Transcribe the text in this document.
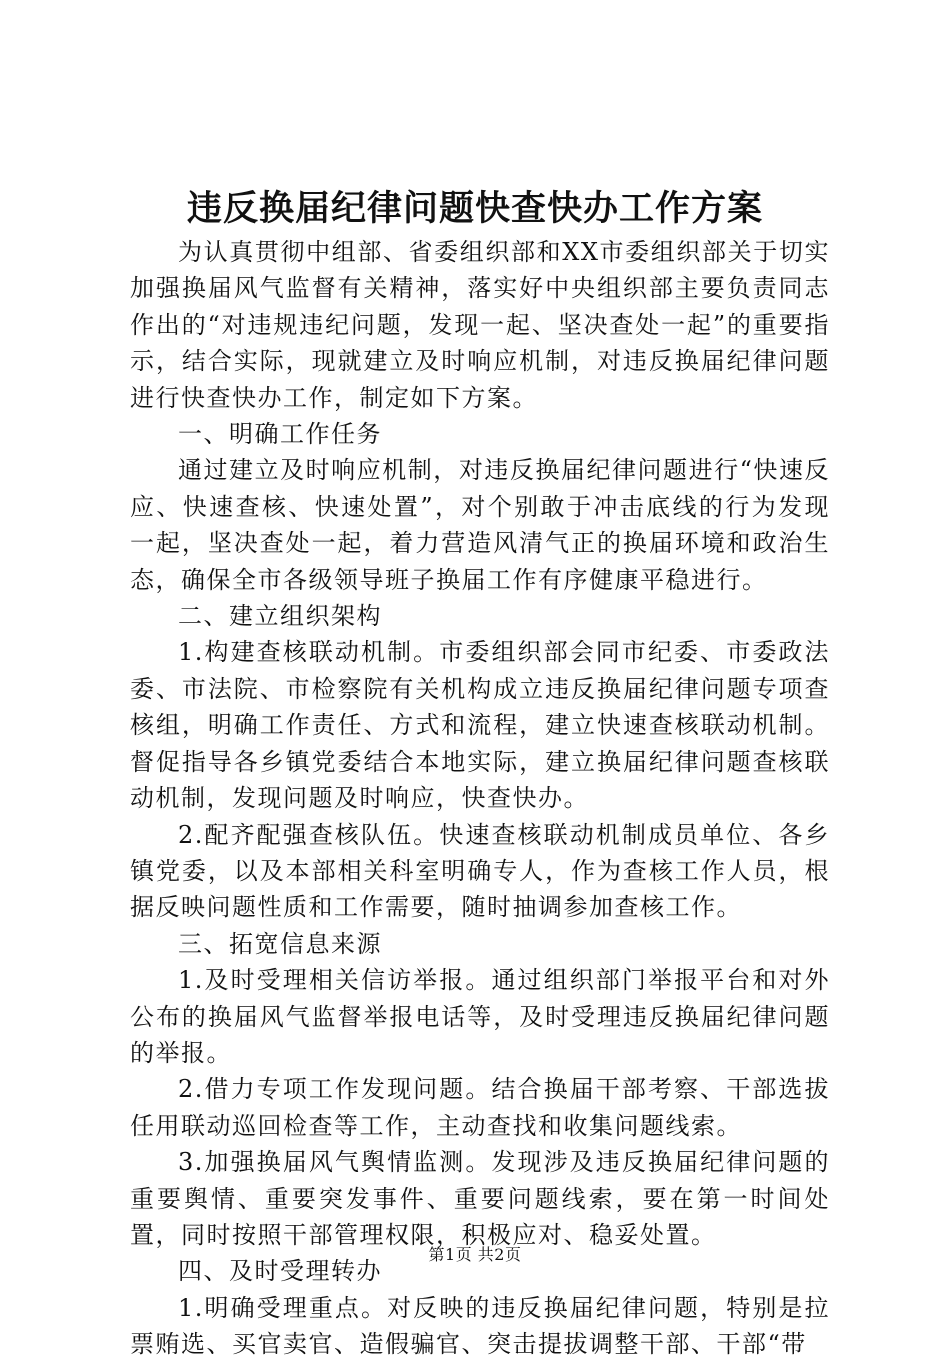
违反换届纪律问题快查快办工作方案

为认真贯彻中组部、省委组织部和XX市委组织部关于切实加强换届风气监督有关精神，落实好中央组织部主要负责同志作出的“对违规违纪问题，发现一起、坚决查处一起”的重要指示，结合实际，现就建立及时响应机制，对违反换届纪律问题进行快查快办工作，制定如下方案。

一、明确工作任务

通过建立及时响应机制，对违反换届纪律问题进行“快速反应、快速查核、快速处置”，对个别敢于冲击底线的行为发现一起，坚决查处一起，着力营造风清气正的换届环境和政治生态，确保全市各级领导班子换届工作有序健康平稳进行。

二、建立组织架构

1.构建查核联动机制。市委组织部会同市纪委、市委政法委、市法院、市检察院有关机构成立违反换届纪律问题专项查核组，明确工作责任、方式和流程，建立快速查核联动机制。督促指导各乡镇党委结合本地实际，建立换届纪律问题查核联动机制，发现问题及时响应，快查快办。

2.配齐配强查核队伍。快速查核联动机制成员单位、各乡镇党委，以及本部相关科室明确专人，作为查核工作人员，根据反映问题性质和工作需要，随时抽调参加查核工作。

三、拓宽信息来源

1.及时受理相关信访举报。通过组织部门举报平台和对外公布的换届风气监督举报电话等，及时受理违反换届纪律问题的举报。

2.借力专项工作发现问题。结合换届干部考察、干部选拔任用联动巡回检查等工作，主动查找和收集问题线索。

3.加强换届风气舆情监测。发现涉及违反换届纪律问题的重要舆情、重要突发事件、重要问题线索，要在第一时间处置，同时按照干部管理权限，积极应对、稳妥处置。

四、及时受理转办

1.明确受理重点。对反映的违反换届纪律问题，特别是拉票贿选、买官卖官、造假骗官、突击提拔调整干部、干部“带

第1页 共2页
